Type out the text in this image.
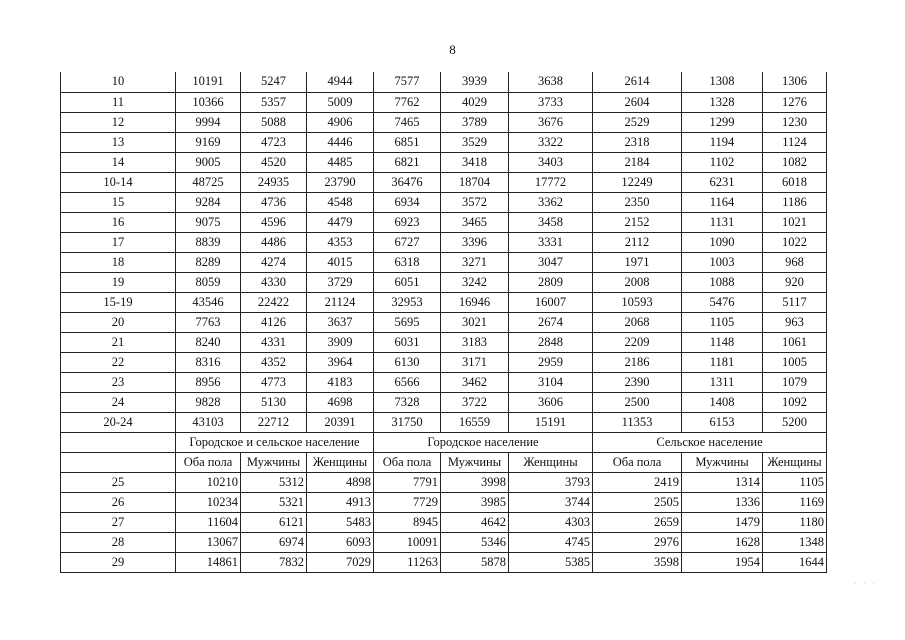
8
10	10191	5247	4944	7577	3939	3638	2614	1308	1306
11	10366	5357	5009	7762	4029	3733	2604	1328	1276
12	9994	5088	4906	7465	3789	3676	2529	1299	1230
13	9169	4723	4446	6851	3529	3322	2318	1194	1124
14	9005	4520	4485	6821	3418	3403	2184	1102	1082
10-14	48725	24935	23790	36476	18704	17772	12249	6231	6018
15	9284	4736	4548	6934	3572	3362	2350	1164	1186
16	9075	4596	4479	6923	3465	3458	2152	1131	1021
17	8839	4486	4353	6727	3396	3331	2112	1090	1022
18	8289	4274	4015	6318	3271	3047	1971	1003	968
19	8059	4330	3729	6051	3242	2809	2008	1088	920
15-19	43546	22422	21124	32953	16946	16007	10593	5476	5117
20	7763	4126	3637	5695	3021	2674	2068	1105	963
21	8240	4331	3909	6031	3183	2848	2209	1148	1061
22	8316	4352	3964	6130	3171	2959	2186	1181	1005
23	8956	4773	4183	6566	3462	3104	2390	1311	1079
24	9828	5130	4698	7328	3722	3606	2500	1408	1092
20-24	43103	22712	20391	31750	16559	15191	11353	6153	5200
	Городское и сельское население			Городское население			Сельское население		
	Оба пола	Мужчины	Женщины	Оба пола	Мужчины	Женщины	Оба пола	Мужчины	Женщины
25	10210	5312	4898	7791	3998	3793	2419	1314	1105
26	10234	5321	4913	7729	3985	3744	2505	1336	1169
27	11604	6121	5483	8945	4642	4303	2659	1479	1180
28	13067	6974	6093	10091	5346	4745	2976	1628	1348
29	14861	7832	7029	11263	5878	5385	3598	1954	1644
· · ·
